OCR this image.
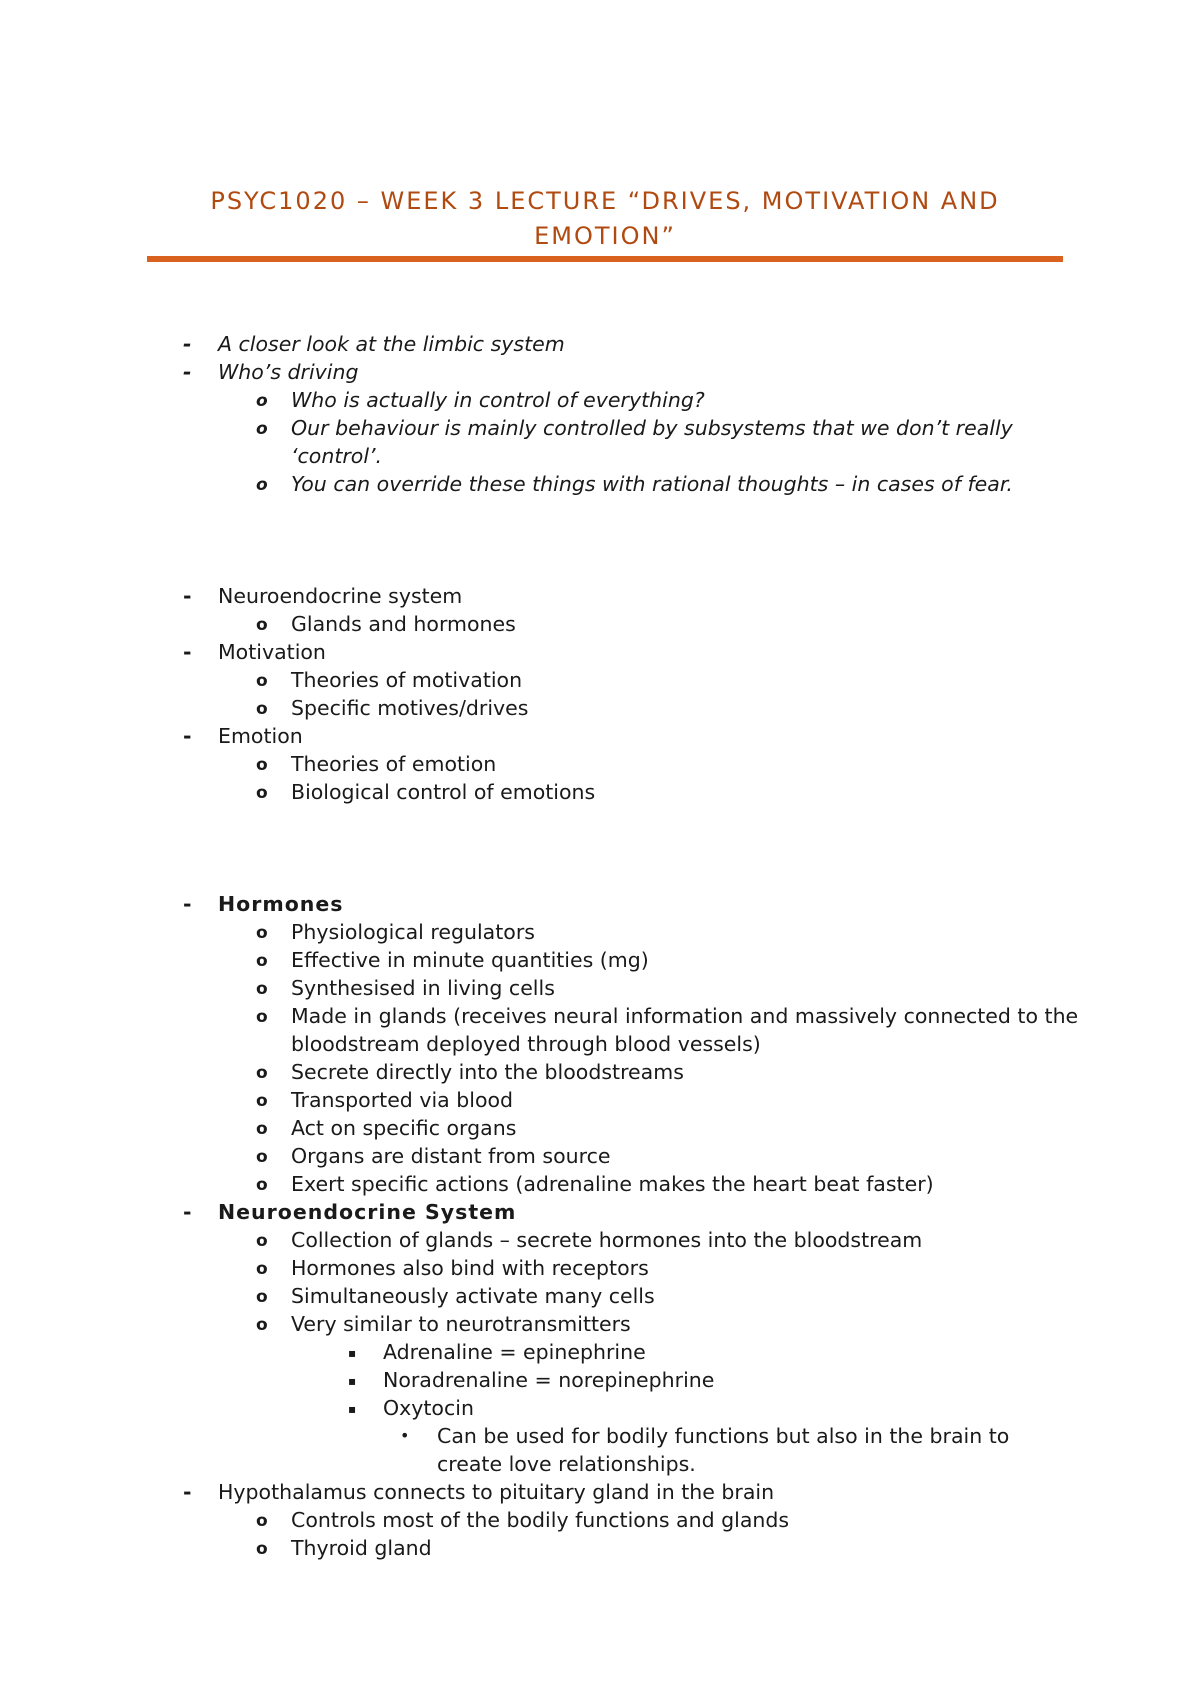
PSYC1020 – WEEK 3 LECTURE “DRIVES, MOTIVATION AND EMOTION”
- A closer look at the limbic system
- Who’s driving
o Who is actually in control of everything?
o Our behaviour is mainly controlled by subsystems that we don’t really ‘control’.
o You can override these things with rational thoughts – in cases of fear.
- Neuroendocrine system
o Glands and hormones
- Motivation
o Theories of motivation
o Specific motives/drives
- Emotion
o Theories of emotion
o Biological control of emotions
- Hormones
o Physiological regulators
o Effective in minute quantities (mg)
o Synthesised in living cells
o Made in glands (receives neural information and massively connected to the bloodstream deployed through blood vessels)
o Secrete directly into the bloodstreams
o Transported via blood
o Act on specific organs
o Organs are distant from source
o Exert specific actions (adrenaline makes the heart beat faster)
- Neuroendocrine System
o Collection of glands – secrete hormones into the bloodstream
o Hormones also bind with receptors
o Simultaneously activate many cells
o Very similar to neurotransmitters
▪ Adrenaline = epinephrine
▪ Noradrenaline = norepinephrine
▪ Oxytocin
• Can be used for bodily functions but also in the brain to create love relationships.
- Hypothalamus connects to pituitary gland in the brain
o Controls most of the bodily functions and glands
o Thyroid gland
